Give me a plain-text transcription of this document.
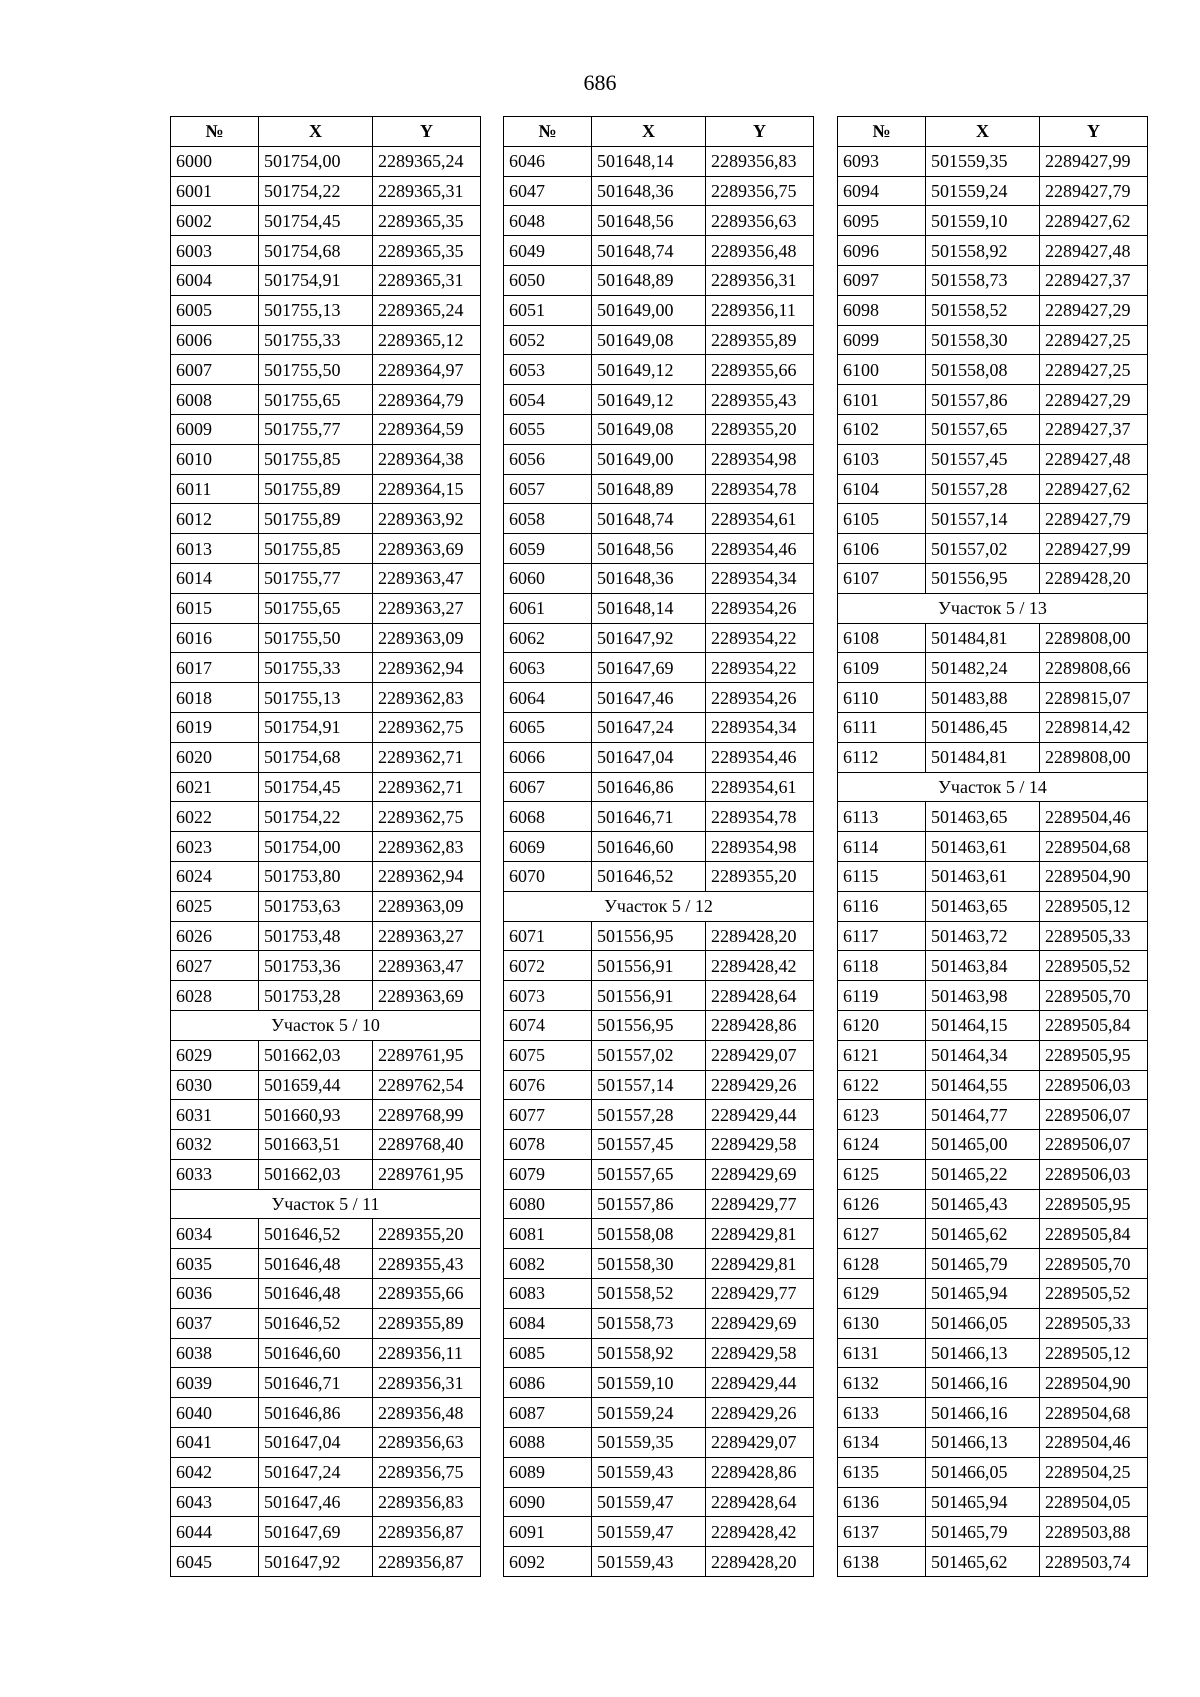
686
№	X	Y
6000	501754,00	2289365,24
6001	501754,22	2289365,31
6002	501754,45	2289365,35
6003	501754,68	2289365,35
6004	501754,91	2289365,31
6005	501755,13	2289365,24
6006	501755,33	2289365,12
6007	501755,50	2289364,97
6008	501755,65	2289364,79
6009	501755,77	2289364,59
6010	501755,85	2289364,38
6011	501755,89	2289364,15
6012	501755,89	2289363,92
6013	501755,85	2289363,69
6014	501755,77	2289363,47
6015	501755,65	2289363,27
6016	501755,50	2289363,09
6017	501755,33	2289362,94
6018	501755,13	2289362,83
6019	501754,91	2289362,75
6020	501754,68	2289362,71
6021	501754,45	2289362,71
6022	501754,22	2289362,75
6023	501754,00	2289362,83
6024	501753,80	2289362,94
6025	501753,63	2289363,09
6026	501753,48	2289363,27
6027	501753,36	2289363,47
6028	501753,28	2289363,69
Участок 5 / 10		
6029	501662,03	2289761,95
6030	501659,44	2289762,54
6031	501660,93	2289768,99
6032	501663,51	2289768,40
6033	501662,03	2289761,95
Участок 5 / 11		
6034	501646,52	2289355,20
6035	501646,48	2289355,43
6036	501646,48	2289355,66
6037	501646,52	2289355,89
6038	501646,60	2289356,11
6039	501646,71	2289356,31
6040	501646,86	2289356,48
6041	501647,04	2289356,63
6042	501647,24	2289356,75
6043	501647,46	2289356,83
6044	501647,69	2289356,87
6045	501647,92	2289356,87
№	X	Y
6046	501648,14	2289356,83
6047	501648,36	2289356,75
6048	501648,56	2289356,63
6049	501648,74	2289356,48
6050	501648,89	2289356,31
6051	501649,00	2289356,11
6052	501649,08	2289355,89
6053	501649,12	2289355,66
6054	501649,12	2289355,43
6055	501649,08	2289355,20
6056	501649,00	2289354,98
6057	501648,89	2289354,78
6058	501648,74	2289354,61
6059	501648,56	2289354,46
6060	501648,36	2289354,34
6061	501648,14	2289354,26
6062	501647,92	2289354,22
6063	501647,69	2289354,22
6064	501647,46	2289354,26
6065	501647,24	2289354,34
6066	501647,04	2289354,46
6067	501646,86	2289354,61
6068	501646,71	2289354,78
6069	501646,60	2289354,98
6070	501646,52	2289355,20
Участок 5 / 12		
6071	501556,95	2289428,20
6072	501556,91	2289428,42
6073	501556,91	2289428,64
6074	501556,95	2289428,86
6075	501557,02	2289429,07
6076	501557,14	2289429,26
6077	501557,28	2289429,44
6078	501557,45	2289429,58
6079	501557,65	2289429,69
6080	501557,86	2289429,77
6081	501558,08	2289429,81
6082	501558,30	2289429,81
6083	501558,52	2289429,77
6084	501558,73	2289429,69
6085	501558,92	2289429,58
6086	501559,10	2289429,44
6087	501559,24	2289429,26
6088	501559,35	2289429,07
6089	501559,43	2289428,86
6090	501559,47	2289428,64
6091	501559,47	2289428,42
6092	501559,43	2289428,20
№	X	Y
6093	501559,35	2289427,99
6094	501559,24	2289427,79
6095	501559,10	2289427,62
6096	501558,92	2289427,48
6097	501558,73	2289427,37
6098	501558,52	2289427,29
6099	501558,30	2289427,25
6100	501558,08	2289427,25
6101	501557,86	2289427,29
6102	501557,65	2289427,37
6103	501557,45	2289427,48
6104	501557,28	2289427,62
6105	501557,14	2289427,79
6106	501557,02	2289427,99
6107	501556,95	2289428,20
Участок 5 / 13		
6108	501484,81	2289808,00
6109	501482,24	2289808,66
6110	501483,88	2289815,07
6111	501486,45	2289814,42
6112	501484,81	2289808,00
Участок 5 / 14		
6113	501463,65	2289504,46
6114	501463,61	2289504,68
6115	501463,61	2289504,90
6116	501463,65	2289505,12
6117	501463,72	2289505,33
6118	501463,84	2289505,52
6119	501463,98	2289505,70
6120	501464,15	2289505,84
6121	501464,34	2289505,95
6122	501464,55	2289506,03
6123	501464,77	2289506,07
6124	501465,00	2289506,07
6125	501465,22	2289506,03
6126	501465,43	2289505,95
6127	501465,62	2289505,84
6128	501465,79	2289505,70
6129	501465,94	2289505,52
6130	501466,05	2289505,33
6131	501466,13	2289505,12
6132	501466,16	2289504,90
6133	501466,16	2289504,68
6134	501466,13	2289504,46
6135	501466,05	2289504,25
6136	501465,94	2289504,05
6137	501465,79	2289503,88
6138	501465,62	2289503,74
